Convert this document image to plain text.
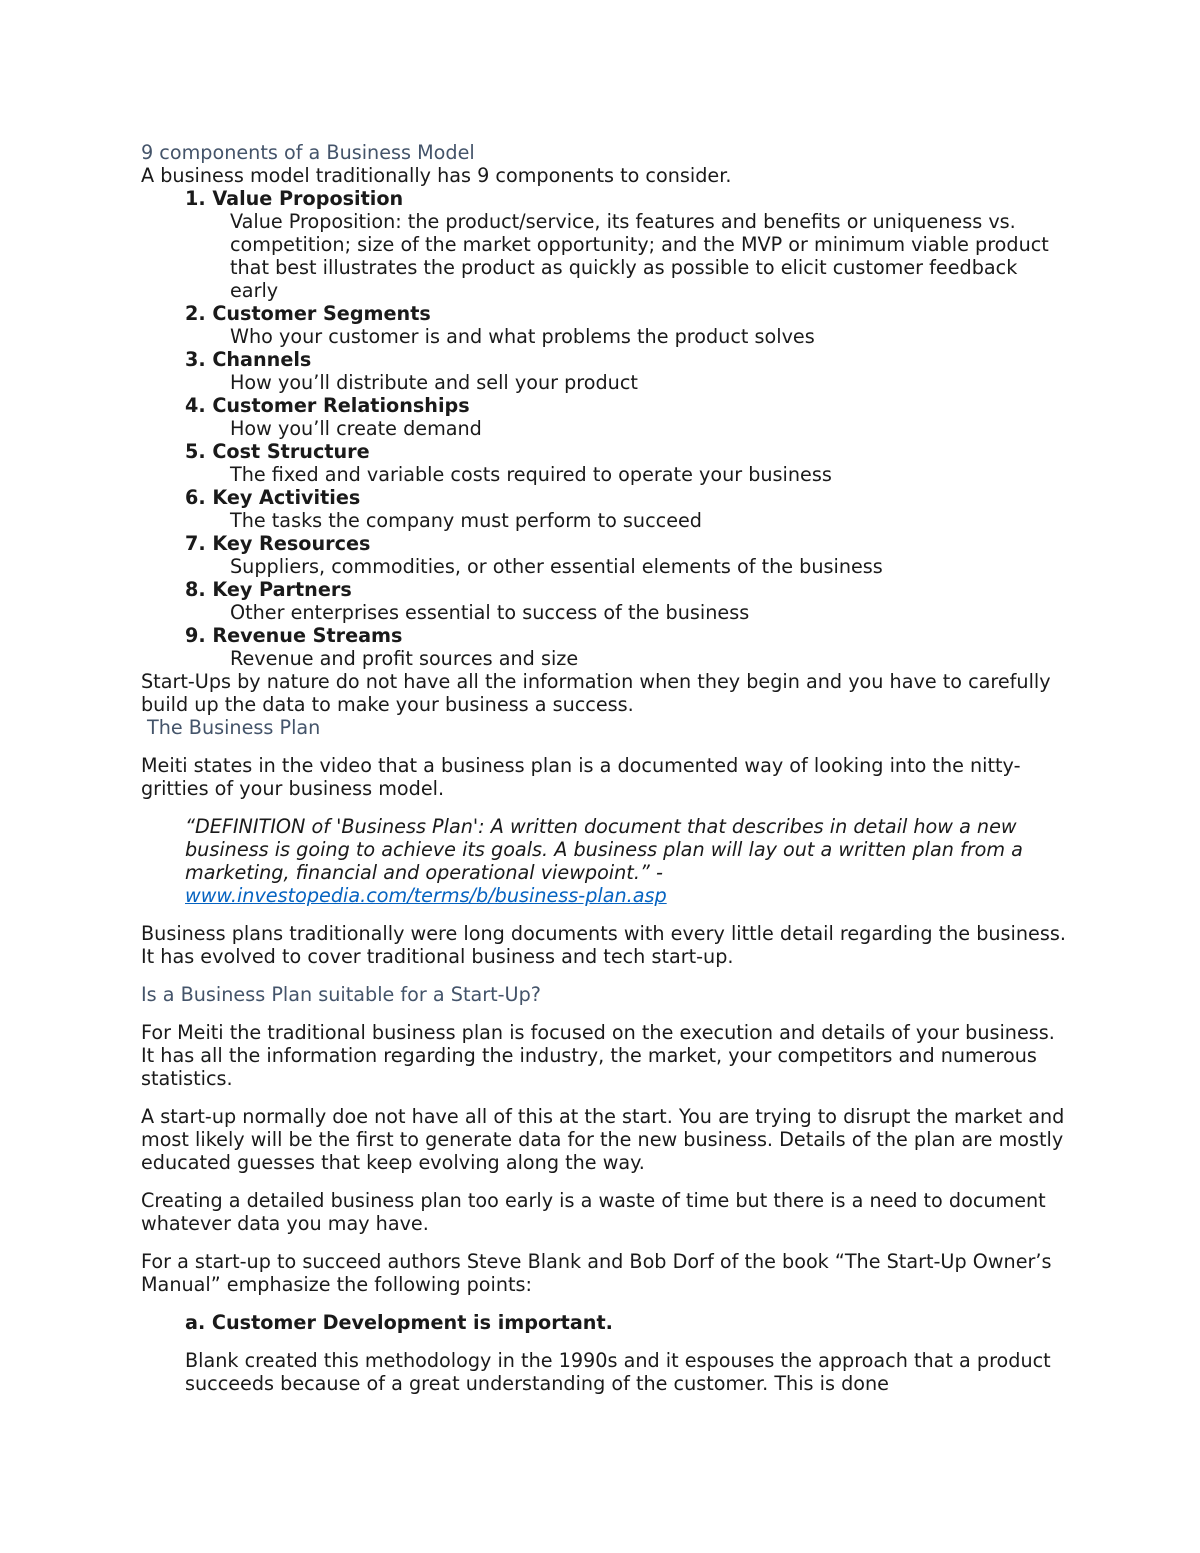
9 components of a Business Model
A business model traditionally has 9 components to consider.
1. Value Proposition
Value Proposition: the product/service, its features and benefits or uniqueness vs. competition; size of the market opportunity; and the MVP or minimum viable product that best illustrates the product as quickly as possible to elicit customer feedback early
2. Customer Segments
Who your customer is and what problems the product solves
3. Channels
How you’ll distribute and sell your product
4. Customer Relationships
How you’ll create demand
5. Cost Structure
The fixed and variable costs required to operate your business
6. Key Activities
The tasks the company must perform to succeed
7. Key Resources
Suppliers, commodities, or other essential elements of the business
8. Key Partners
Other enterprises essential to success of the business
9. Revenue Streams
Revenue and profit sources and size
Start-Ups by nature do not have all the information when they begin and you have to carefully build up the data to make your business a success.
The Business Plan
Meiti states in the video that a business plan is a documented way of looking into the nitty-gritties of your business model.
“DEFINITION of 'Business Plan': A written document that describes in detail how a new business is going to achieve its goals. A business plan will lay out a written plan from a marketing, financial and operational viewpoint.” - www.investopedia.com/terms/b/business-plan.asp
Business plans traditionally were long documents with every little detail regarding the business. It has evolved to cover traditional business and tech start-up.
Is a Business Plan suitable for a Start-Up?
For Meiti the traditional business plan is focused on the execution and details of your business. It has all the information regarding the industry, the market, your competitors and numerous statistics.
A start-up normally doe not have all of this at the start. You are trying to disrupt the market and most likely will be the first to generate data for the new business. Details of the plan are mostly educated guesses that keep evolving along the way.
Creating a detailed business plan too early is a waste of time but there is a need to document whatever data you may have.
For a start-up to succeed authors Steve Blank and Bob Dorf of the book “The Start-Up Owner’s Manual” emphasize the following points:
a. Customer Development is important.
Blank created this methodology in the 1990s and it espouses the approach that a product succeeds because of a great understanding of the customer. This is done
